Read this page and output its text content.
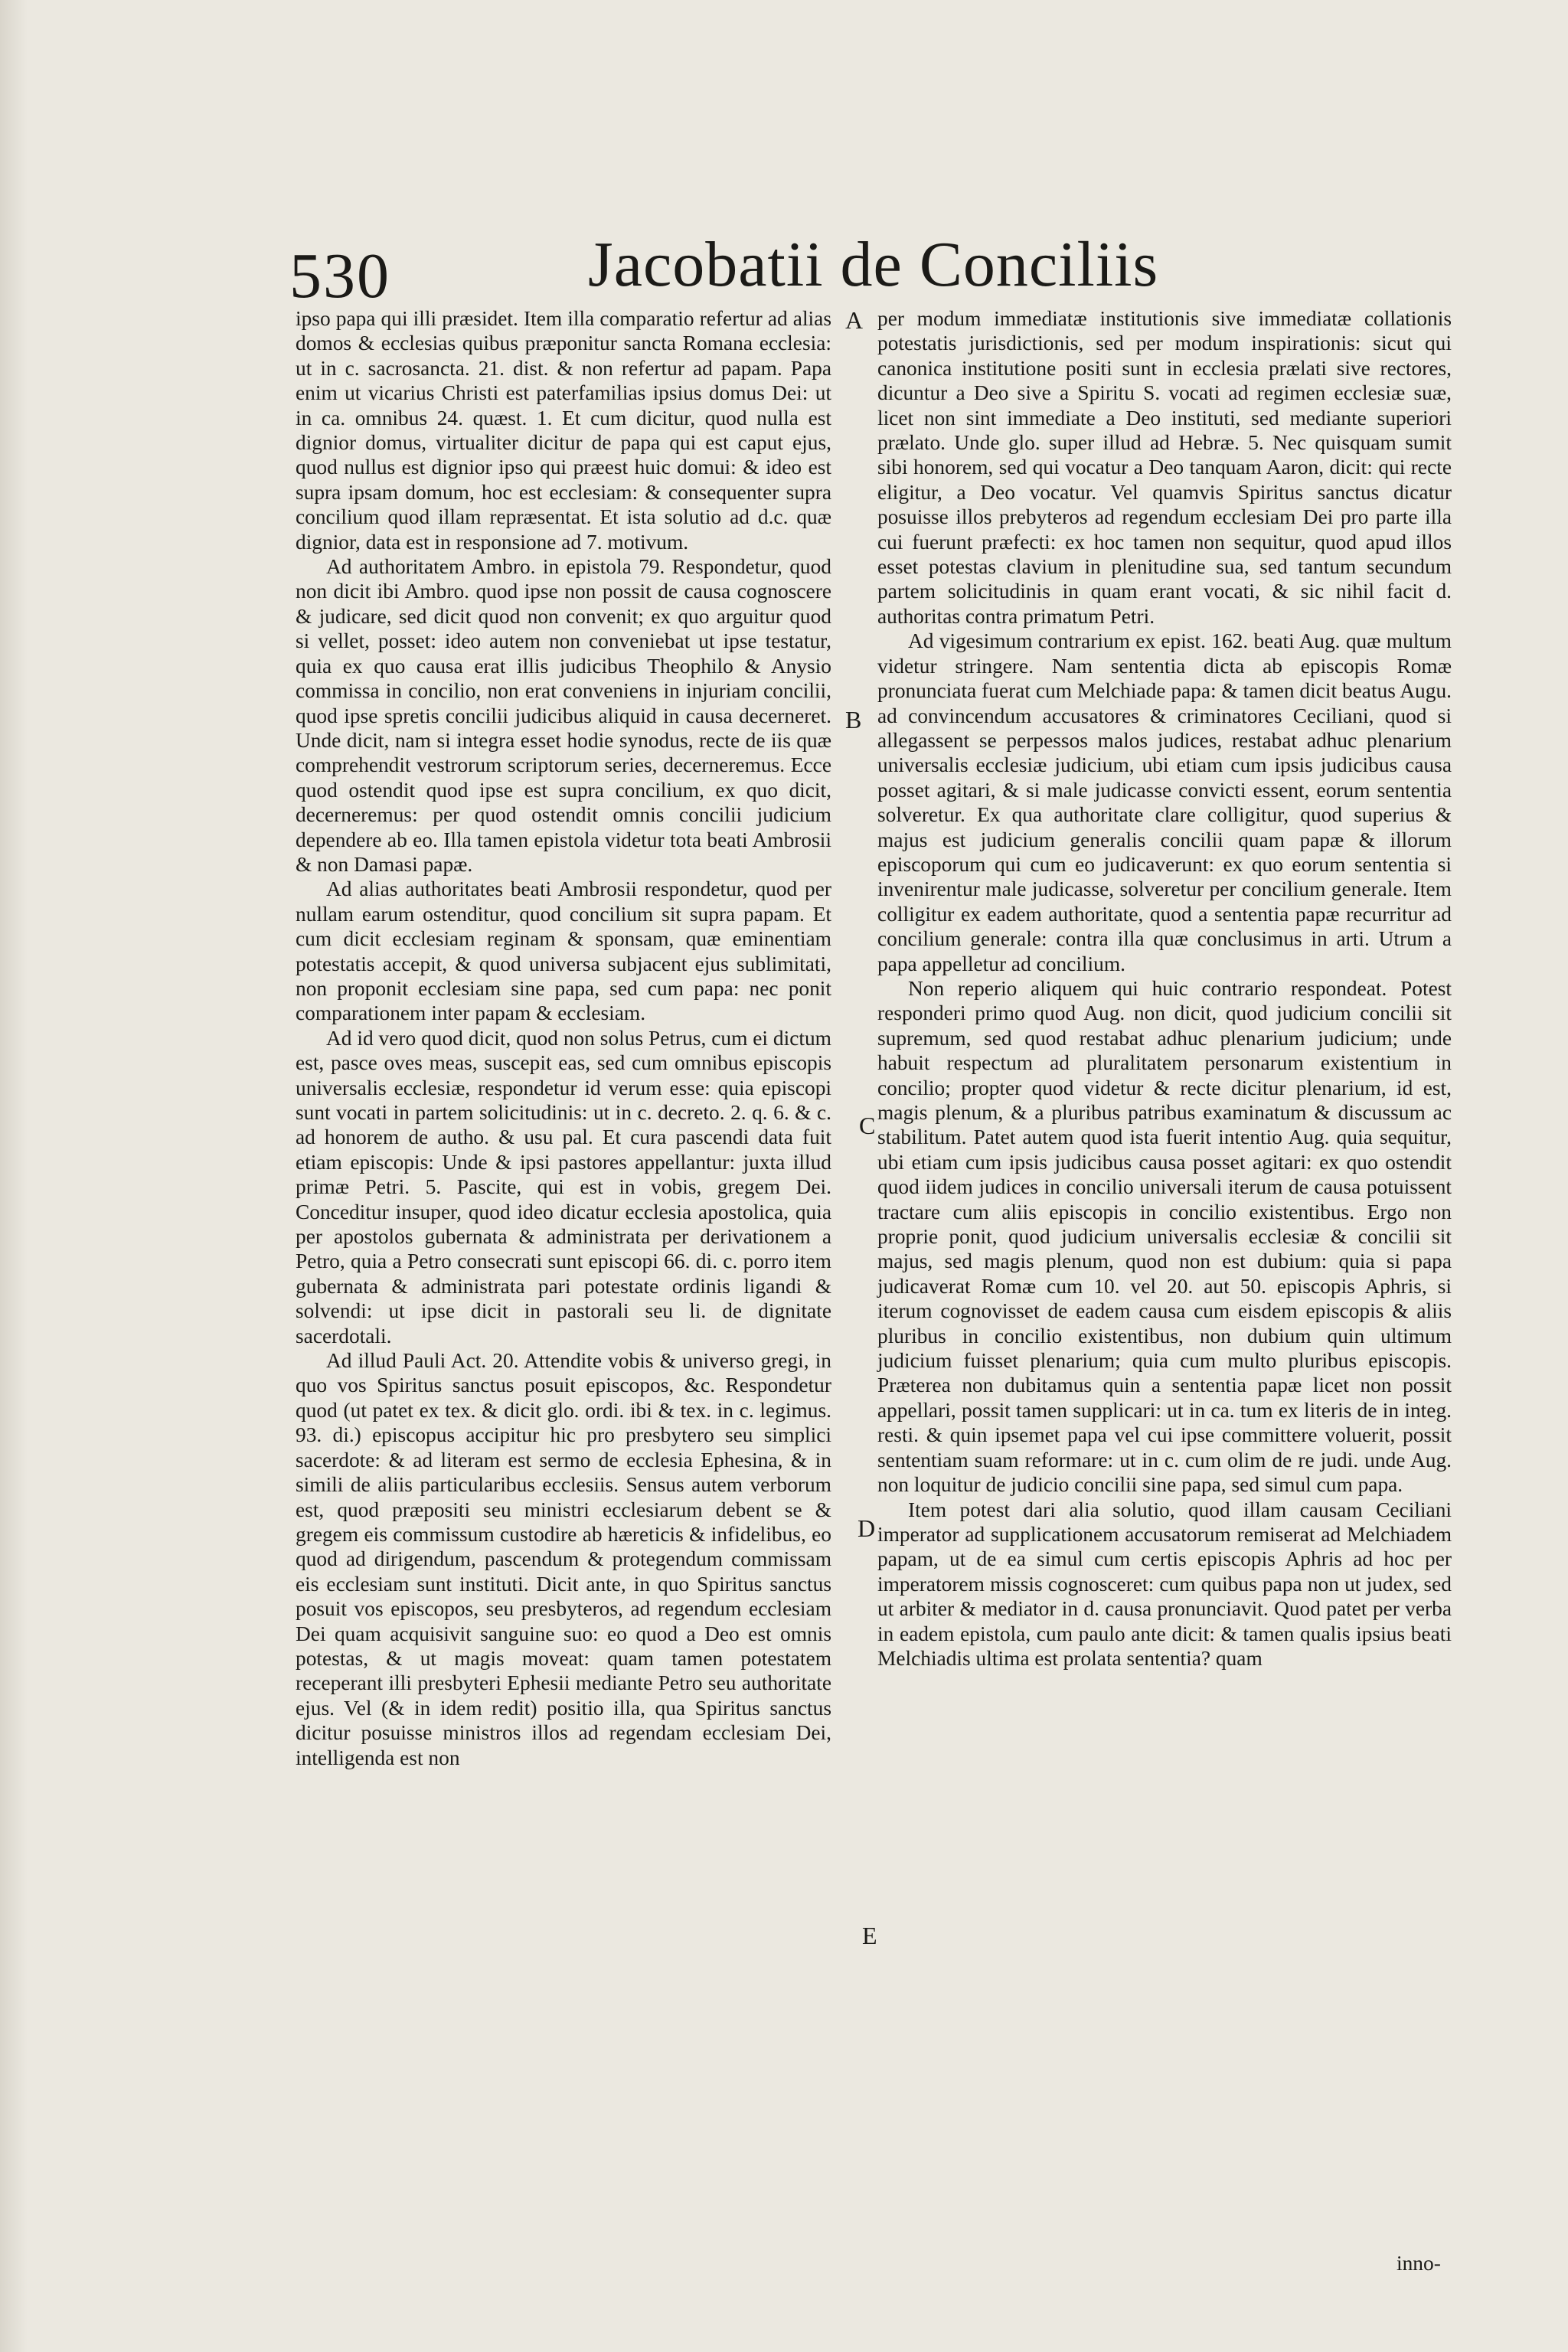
530	Jacobatii de Conciliis

ipso papa qui illi præsidet. Item illa comparatio refertur ad alias domos & ecclesias quibus præponitur sancta Romana ecclesia: ut in c. sacrosancta. 21. dist. & non refertur ad papam. Papa enim ut vicarius Christi est paterfamilias ipsius domus Dei: ut in ca. omnibus 24. quæst. 1. Et cum dicitur, quod nulla est dignior domus, virtualiter dicitur de papa qui est caput ejus, quod nullus est dignior ipso qui præest huic domui: & ideo est supra ipsam domum, hoc est ecclesiam: & consequenter supra concilium quod illam repræsentat. Et ista solutio ad d.c. quæ dignior, data est in responsione ad 7. motivum.

Ad authoritatem Ambro. in epistola 79. Respondetur, quod non dicit ibi Ambro. quod ipse non possit de causa cognoscere & judicare, sed dicit quod non convenit; ex quo arguitur quod si vellet, posset: ideo autem non conveniebat ut ipse testatur, quia ex quo causa erat illis judicibus Theophilo & Anysio commissa in concilio, non erat conveniens in injuriam concilii, quod ipse spretis concilii judicibus aliquid in causa decerneret. Unde dicit, nam si integra esset hodie synodus, recte de iis quæ comprehendit vestrorum scriptorum series, decerneremus. Ecce quod ostendit quod ipse est supra concilium, ex quo dicit, decerneremus: per quod ostendit omnis concilii judicium dependere ab eo. Illa tamen epistola videtur tota beati Ambrosii & non Damasi papæ.

Ad alias authoritates beati Ambrosii respondetur, quod per nullam earum ostenditur, quod concilium sit supra papam. Et cum dicit ecclesiam reginam & sponsam, quæ eminentiam potestatis accepit, & quod universa subjacent ejus sublimitati, non proponit ecclesiam sine papa, sed cum papa: nec ponit comparationem inter papam & ecclesiam.

Ad id vero quod dicit, quod non solus Petrus, cum ei dictum est, pasce oves meas, suscepit eas, sed cum omnibus episcopis universalis ecclesiæ, respondetur id verum esse: quia episcopi sunt vocati in partem solicitudinis: ut in c. decreto. 2. q. 6. & c. ad honorem de autho. & usu pal. Et cura pascendi data fuit etiam episcopis: Unde & ipsi pastores appellantur: juxta illud primæ Petri. 5. Pascite, qui est in vobis, gregem Dei. Conceditur insuper, quod ideo dicatur ecclesia apostolica, quia per apostolos gubernata & administrata per derivationem a Petro, quia a Petro consecrati sunt episcopi 66. di. c. porro item gubernata & administrata pari potestate ordinis ligandi & solvendi: ut ipse dicit in pastorali seu li. de dignitate sacerdotali.

Ad illud Pauli Act. 20. Attendite vobis & universo gregi, in quo vos Spiritus sanctus posuit episcopos, &c. Respondetur quod (ut patet ex tex. & dicit glo. ordi. ibi & tex. in c. legimus. 93. di.) episcopus accipitur hic pro presbytero seu simplici sacerdote: & ad literam est sermo de ecclesia Ephesina, & in simili de aliis particularibus ecclesiis. Sensus autem verborum est, quod præpositi seu ministri ecclesiarum debent se & gregem eis commissum custodire ab hæreticis & infidelibus, eo quod ad dirigendum, pascendum & protegendum commissam eis ecclesiam sunt instituti. Dicit ante, in quo Spiritus sanctus posuit vos episcopos, seu presbyteros, ad regendum ecclesiam Dei quam acquisivit sanguine suo: eo quod a Deo est omnis potestas, & ut magis moveat: quam tamen potestatem receperant illi presbyteri Ephesii mediante Petro seu authoritate ejus. Vel (& in idem redit) positio illa, qua Spiritus sanctus dicitur posuisse ministros illos ad regendam ecclesiam Dei, intelligenda est non

A
B
C
D
E

per modum immediatæ institutionis sive immediatæ collationis potestatis jurisdictionis, sed per modum inspirationis: sicut qui canonica institutione positi sunt in ecclesia prælati sive rectores, dicuntur a Deo sive a Spiritu S. vocati ad regimen ecclesiæ suæ, licet non sint immediate a Deo instituti, sed mediante superiori prælato. Unde glo. super illud ad Hebræ. 5. Nec quisquam sumit sibi honorem, sed qui vocatur a Deo tanquam Aaron, dicit: qui recte eligitur, a Deo vocatur. Vel quamvis Spiritus sanctus dicatur posuisse illos prebyteros ad regendum ecclesiam Dei pro parte illa cui fuerunt præfecti: ex hoc tamen non sequitur, quod apud illos esset potestas clavium in plenitudine sua, sed tantum secundum partem solicitudinis in quam erant vocati, & sic nihil facit d. authoritas contra primatum Petri.

Ad vigesimum contrarium ex epist. 162. beati Aug. quæ multum videtur stringere. Nam sententia dicta ab episcopis Romæ pronunciata fuerat cum Melchiade papa: & tamen dicit beatus Augu. ad convincendum accusatores & criminatores Ceciliani, quod si allegassent se perpessos malos judices, restabat adhuc plenarium universalis ecclesiæ judicium, ubi etiam cum ipsis judicibus causa posset agitari, & si male judicasse convicti essent, eorum sententia solveretur. Ex qua authoritate clare colligitur, quod superius & majus est judicium generalis concilii quam papæ & illorum episcoporum qui cum eo judicaverunt: ex quo eorum sententia si invenirentur male judicasse, solveretur per concilium generale. Item colligitur ex eadem authoritate, quod a sententia papæ recurritur ad concilium generale: contra illa quæ conclusimus in arti. Utrum a papa appelletur ad concilium.

Non reperio aliquem qui huic contrario respondeat. Potest responderi primo quod Aug. non dicit, quod judicium concilii sit supremum, sed quod restabat adhuc plenarium judicium; unde habuit respectum ad pluralitatem personarum existentium in concilio; propter quod videtur & recte dicitur plenarium, id est, magis plenum, & a pluribus patribus examinatum & discussum ac stabilitum. Patet autem quod ista fuerit intentio Aug. quia sequitur, ubi etiam cum ipsis judicibus causa posset agitari: ex quo ostendit quod iidem judices in concilio universali iterum de causa potuissent tractare cum aliis episcopis in concilio existentibus. Ergo non proprie ponit, quod judicium universalis ecclesiæ & concilii sit majus, sed magis plenum, quod non est dubium: quia si papa judicaverat Romæ cum 10. vel 20. aut 50. episcopis Aphris, si iterum cognovisset de eadem causa cum eisdem episcopis & aliis pluribus in concilio existentibus, non dubium quin ultimum judicium fuisset plenarium; quia cum multo pluribus episcopis. Præterea non dubitamus quin a sententia papæ licet non possit appellari, possit tamen supplicari: ut in ca. tum ex literis de in integ. resti. & quin ipsemet papa vel cui ipse committere voluerit, possit sententiam suam reformare: ut in c. cum olim de re judi. unde Aug. non loquitur de judicio concilii sine papa, sed simul cum papa.

Item potest dari alia solutio, quod illam causam Ceciliani imperator ad supplicationem accusatorum remiserat ad Melchiadem papam, ut de ea simul cum certis episcopis Aphris ad hoc per imperatorem missis cognosceret: cum quibus papa non ut judex, sed ut arbiter & mediator in d. causa pronunciavit. Quod patet per verba in eadem epistola, cum paulo ante dicit: & tamen qualis ipsius beati Melchiadis ultima est prolata sententia? quam

inno-
